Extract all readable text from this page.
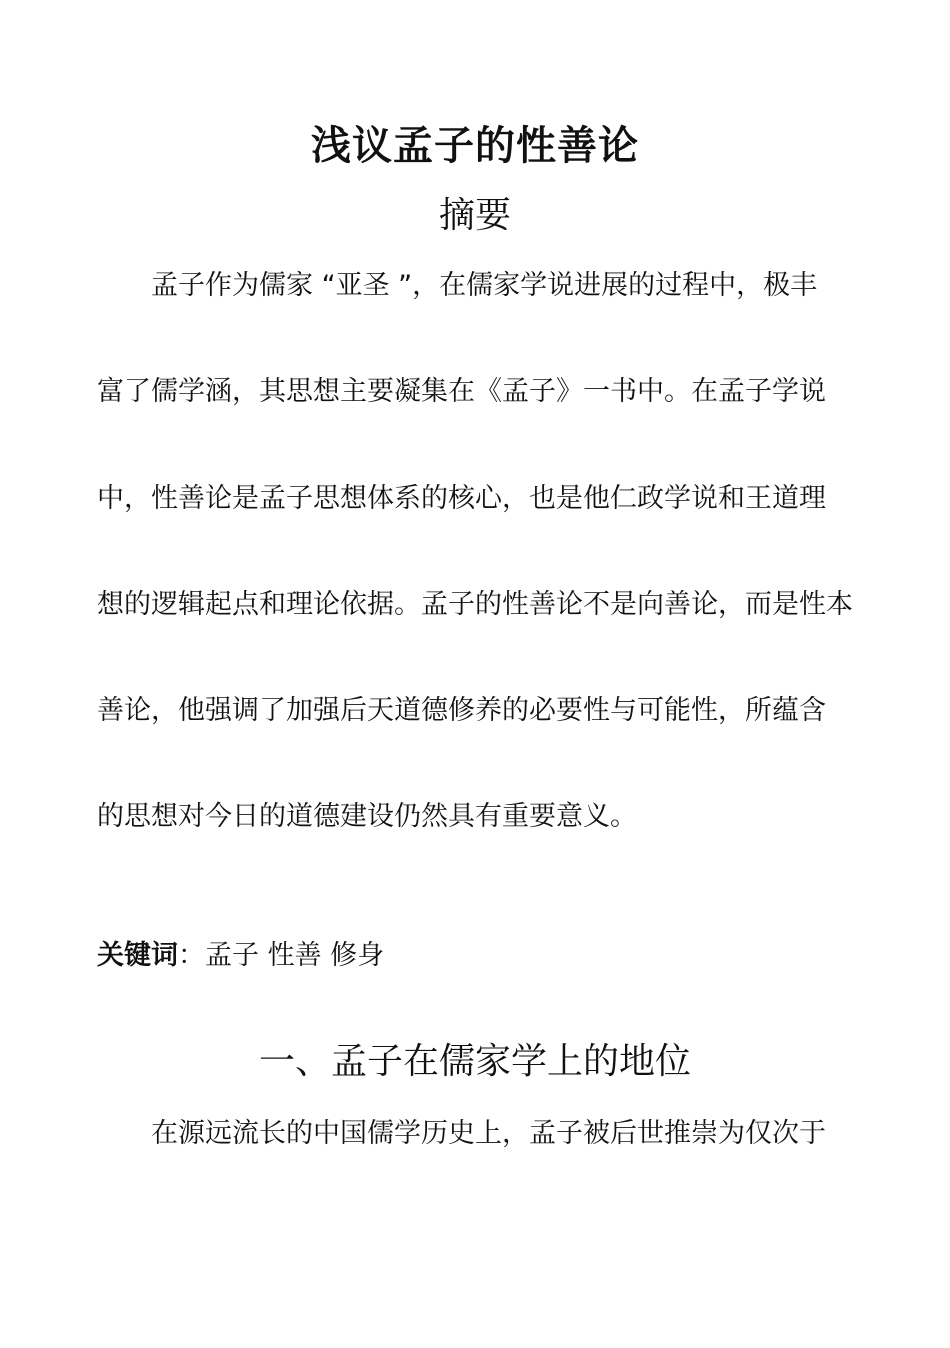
浅议孟子的性善论
摘要
孟子作为儒家 “亚圣 ”，在儒家学说进展的过程中，极丰
富了儒学涵，其思想主要凝集在《孟子》一书中。在孟子学说
中，性善论是孟子思想体系的核心，也是他仁政学说和王道理
想的逻辑起点和理论依据。孟子的性善论不是向善论，而是性本
善论，他强调了加强后天道德修养的必要性与可能性，所蕴含
的思想对今日的道德建设仍然具有重要意义。
关键词：孟子 性善 修身
一、孟子在儒家学上的地位
在源远流长的中国儒学历史上，孟子被后世推崇为仅次于
